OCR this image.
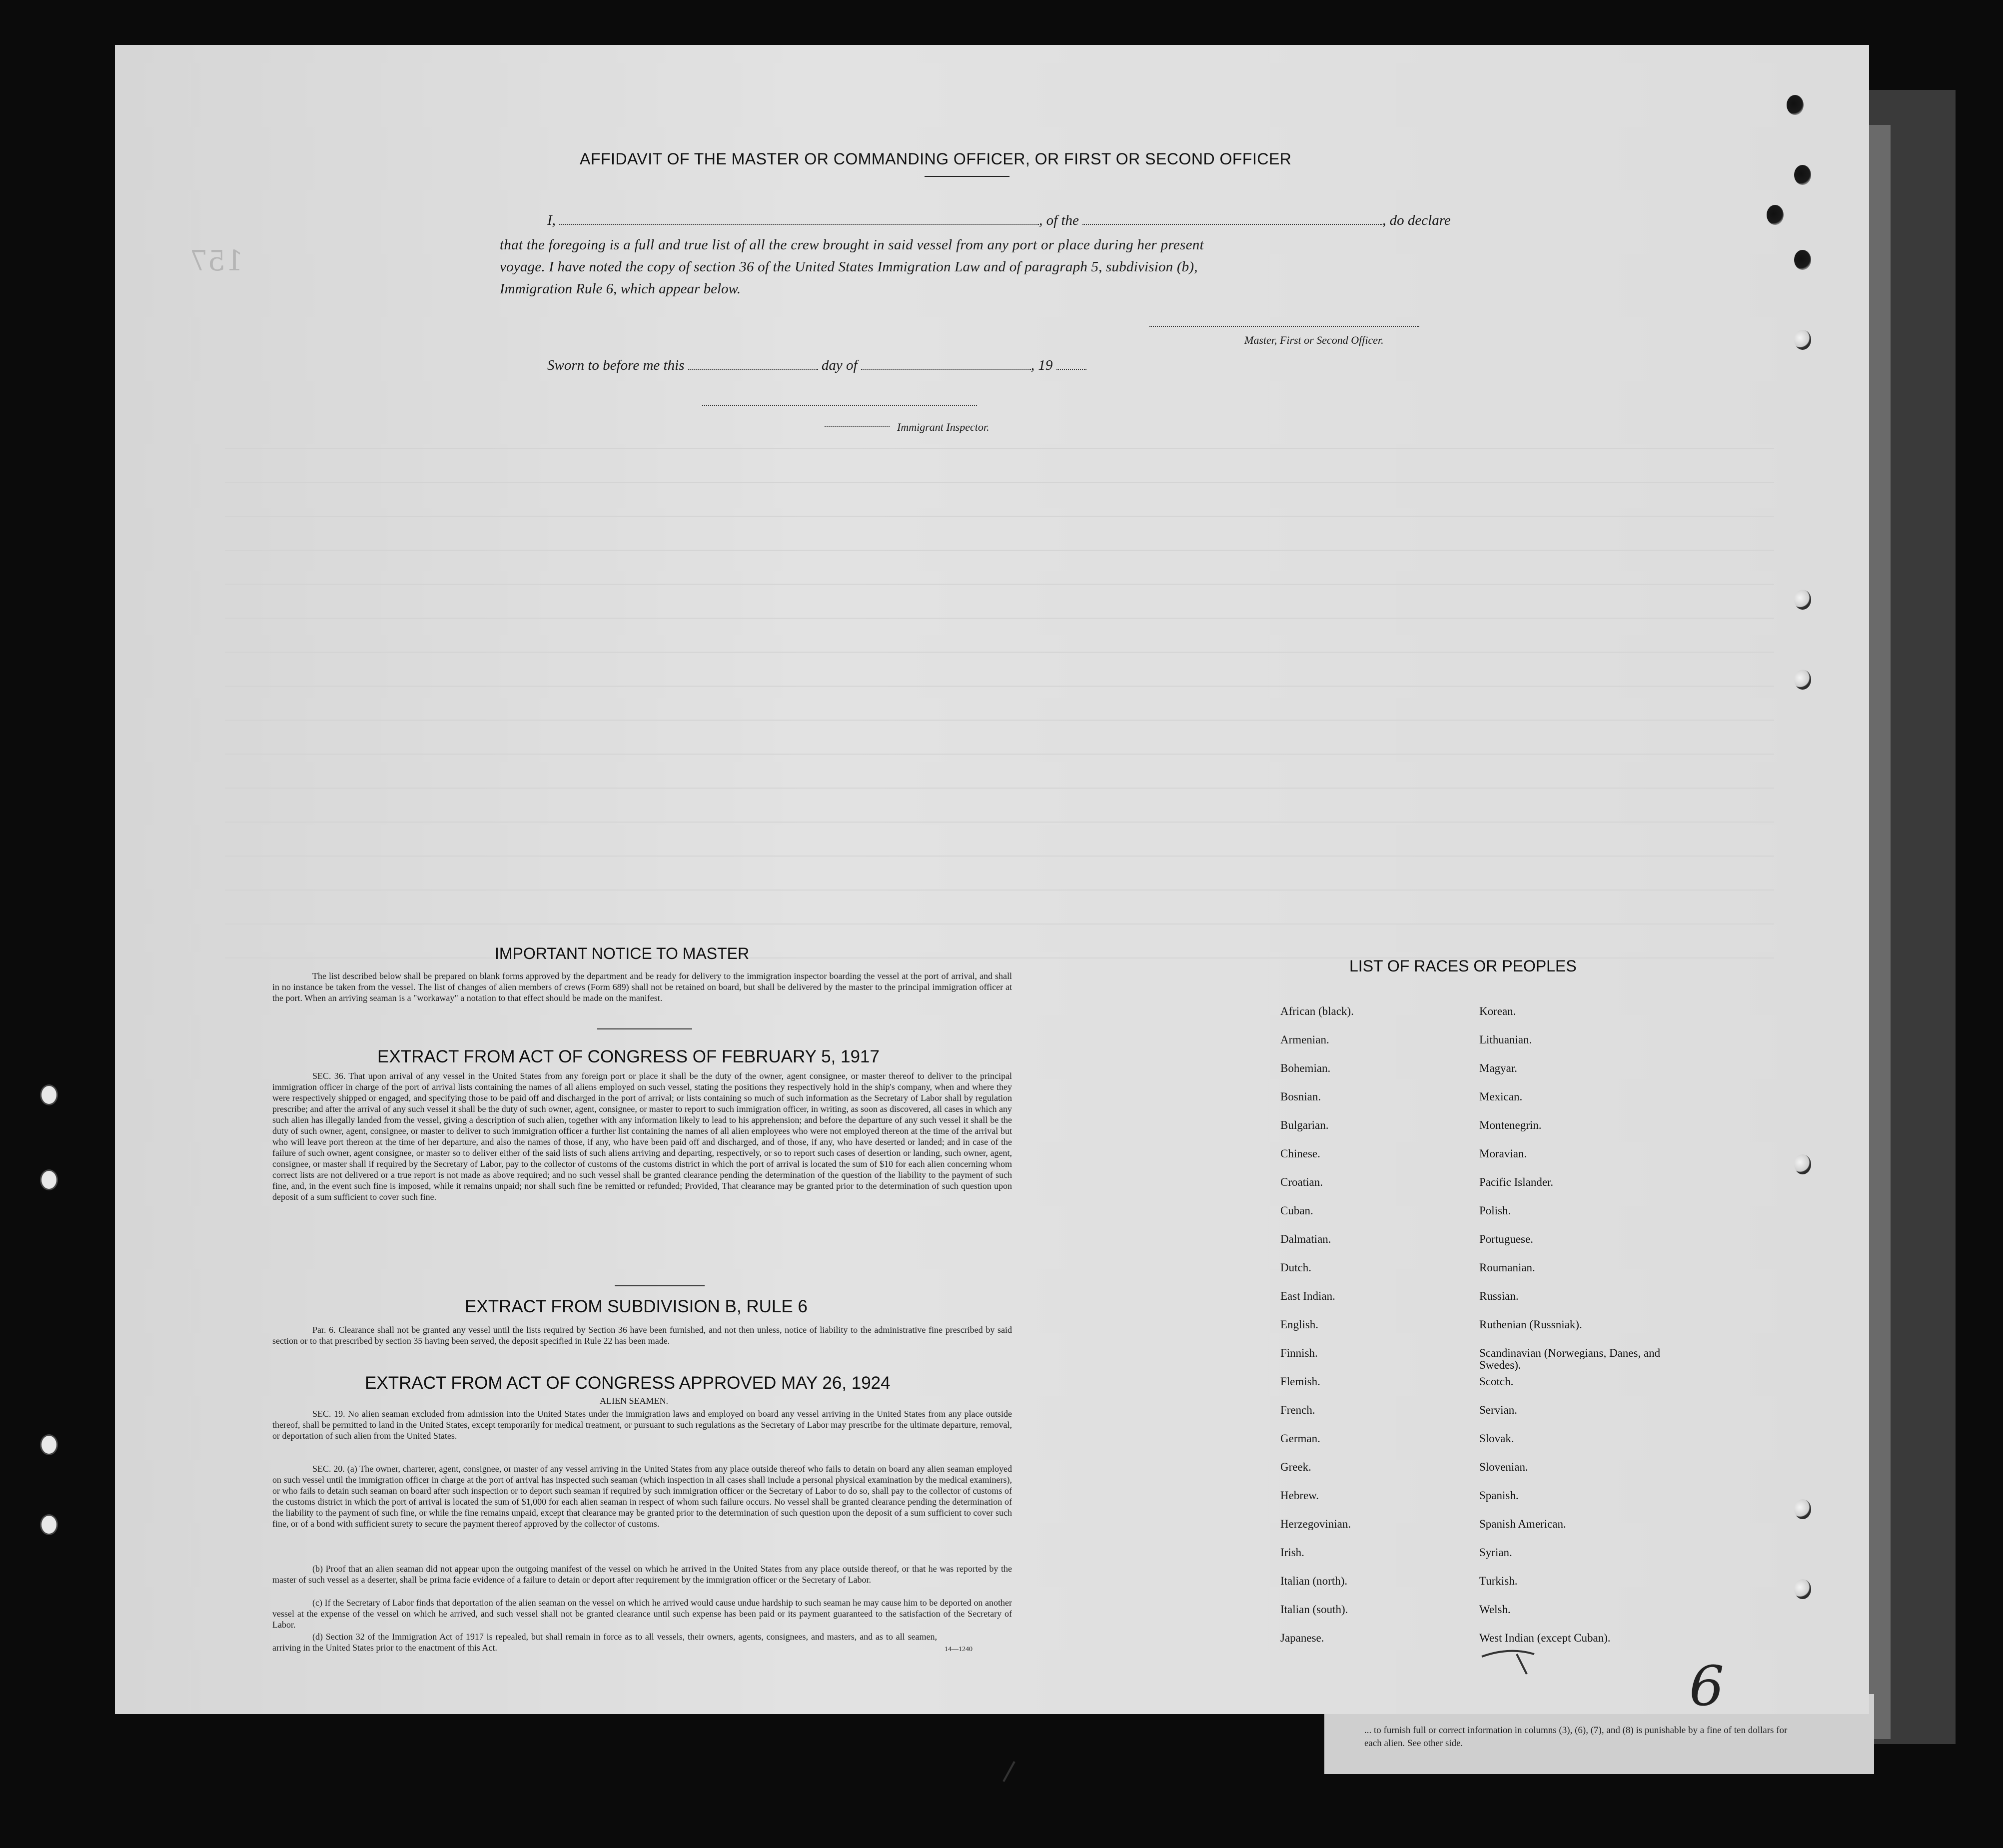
... to furnish full or correct information in columns (3), (6), (7), and (8) is punishable by a fine of ten dollars for each alien. See other side.
157
AFFIDAVIT OF THE MASTER OR COMMANDING OFFICER, OR FIRST OR SECOND OFFICER
I,	, of the	, do declare
that the foregoing is a full and true list of all the crew brought in said vessel from any port or place during her present
voyage. I have noted the copy of section 36 of the United States Immigration Law and of paragraph 5, subdivision (b),
Immigration Rule 6, which appear below.
Master, First or Second Officer.
Sworn to before me this	day of	, 19
Immigrant Inspector.
IMPORTANT NOTICE TO MASTER
The list described below shall be prepared on blank forms approved by the department and be ready for delivery to the immigration inspector boarding the vessel at the port of arrival, and shall in no instance be taken from the vessel. The list of changes of alien members of crews (Form 689) shall not be retained on board, but shall be delivered by the master to the principal immigration officer at the port. When an arriving seaman is a "workaway" a notation to that effect should be made on the manifest.
EXTRACT FROM ACT OF CONGRESS OF FEBRUARY 5, 1917
SEC. 36. That upon arrival of any vessel in the United States from any foreign port or place it shall be the duty of the owner, agent consignee, or master thereof to deliver to the principal immigration officer in charge of the port of arrival lists containing the names of all aliens employed on such vessel, stating the positions they respectively hold in the ship's company, when and where they were respectively shipped or engaged, and specifying those to be paid off and discharged in the port of arrival; or lists containing so much of such information as the Secretary of Labor shall by regulation prescribe; and after the arrival of any such vessel it shall be the duty of such owner, agent, consignee, or master to report to such immigration officer, in writing, as soon as discovered, all cases in which any such alien has illegally landed from the vessel, giving a description of such alien, together with any information likely to lead to his apprehension; and before the departure of any such vessel it shall be the duty of such owner, agent, consignee, or master to deliver to such immigration officer a further list containing the names of all alien employees who were not employed thereon at the time of the arrival but who will leave port thereon at the time of her departure, and also the names of those, if any, who have been paid off and discharged, and of those, if any, who have deserted or landed; and in case of the failure of such owner, agent consignee, or master so to deliver either of the said lists of such aliens arriving and departing, respectively, or so to report such cases of desertion or landing, such owner, agent, consignee, or master shall if required by the Secretary of Labor, pay to the collector of customs of the customs district in which the port of arrival is located the sum of $10 for each alien concerning whom correct lists are not delivered or a true report is not made as above required; and no such vessel shall be granted clearance pending the determination of the question of the liability to the payment of such fine, and, in the event such fine is imposed, while it remains unpaid; nor shall such fine be remitted or refunded; Provided, That clearance may be granted prior to the determination of such question upon deposit of a sum sufficient to cover such fine.
EXTRACT FROM SUBDIVISION B, RULE 6
Par. 6. Clearance shall not be granted any vessel until the lists required by Section 36 have been furnished, and not then unless, notice of liability to the administrative fine prescribed by said section or to that prescribed by section 35 having been served, the deposit specified in Rule 22 has been made.
EXTRACT FROM ACT OF CONGRESS APPROVED MAY 26, 1924
ALIEN SEAMEN.
SEC. 19. No alien seaman excluded from admission into the United States under the immigration laws and employed on board any vessel arriving in the United States from any place outside thereof, shall be permitted to land in the United States, except temporarily for medical treatment, or pursuant to such regulations as the Secretary of Labor may prescribe for the ultimate departure, removal, or deportation of such alien from the United States.
SEC. 20. (a) The owner, charterer, agent, consignee, or master of any vessel arriving in the United States from any place outside thereof who fails to detain on board any alien seaman employed on such vessel until the immigration officer in charge at the port of arrival has inspected such seaman (which inspection in all cases shall include a personal physical examination by the medical examiners), or who fails to detain such seaman on board after such inspection or to deport such seaman if required by such immigration officer or the Secretary of Labor to do so, shall pay to the collector of customs of the customs district in which the port of arrival is located the sum of $1,000 for each alien seaman in respect of whom such failure occurs. No vessel shall be granted clearance pending the determination of the liability to the payment of such fine, or while the fine remains unpaid, except that clearance may be granted prior to the determination of such question upon the deposit of a sum sufficient to cover such fine, or of a bond with sufficient surety to secure the payment thereof approved by the collector of customs.
(b) Proof that an alien seaman did not appear upon the outgoing manifest of the vessel on which he arrived in the United States from any place outside thereof, or that he was reported by the master of such vessel as a deserter, shall be prima facie evidence of a failure to detain or deport after requirement by the immigration officer or the Secretary of Labor.
(c) If the Secretary of Labor finds that deportation of the alien seaman on the vessel on which he arrived would cause undue hardship to such seaman he may cause him to be deported on another vessel at the expense of the vessel on which he arrived, and such vessel shall not be granted clearance until such expense has been paid or its payment guaranteed to the satisfaction of the Secretary of Labor.
(d) Section 32 of the Immigration Act of 1917 is repealed, but shall remain in force as to all vessels, their owners, agents, consignees, and masters, and as to all seamen, arriving in the United States prior to the enactment of this Act.	14—1240
LIST OF RACES OR PEOPLES
African (black).
Armenian.
Bohemian.
Bosnian.
Bulgarian.
Chinese.
Croatian.
Cuban.
Dalmatian.
Dutch.
East Indian.
English.
Finnish.
Flemish.
French.
German.
Greek.
Hebrew.
Herzegovinian.
Irish.
Italian (north).
Italian (south).
Japanese.
Korean.
Lithuanian.
Magyar.
Mexican.
Montenegrin.
Moravian.
Pacific Islander.
Polish.
Portuguese.
Roumanian.
Russian.
Ruthenian (Russniak).
Scandinavian (Norwegians, Danes, and Swedes).
Scotch.
Servian.
Slovak.
Slovenian.
Spanish.
Spanish American.
Syrian.
Turkish.
Welsh.
West Indian (except Cuban).
6
